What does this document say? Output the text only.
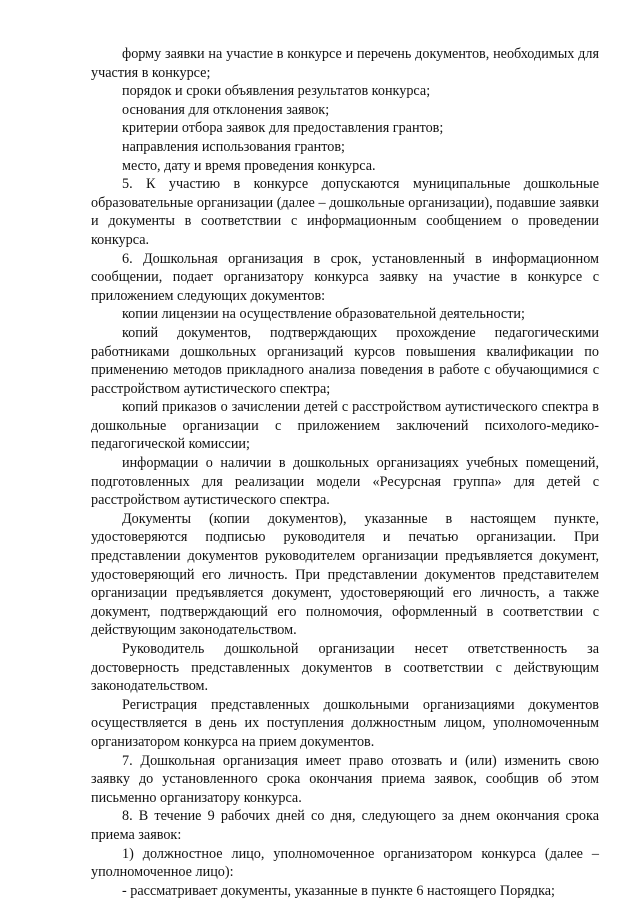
форму заявки на участие в конкурсе и перечень документов, необходимых для участия в конкурсе;

порядок и сроки объявления результатов конкурса;

основания для отклонения заявок;

критерии отбора заявок для предоставления грантов;

направления использования грантов;

место, дату и время проведения конкурса.

5. К участию в конкурсе допускаются муниципальные дошкольные образовательные организации (далее – дошкольные организации), подавшие заявки и документы в соответствии с информационным сообщением о проведении конкурса.

6. Дошкольная организация в срок, установленный в информационном сообщении, подает организатору конкурса заявку на участие в конкурсе с приложением следующих документов:

копии лицензии на осуществление образовательной деятельности;

копий документов, подтверждающих прохождение педагогическими работниками дошкольных организаций курсов повышения квалификации по применению методов прикладного анализа поведения в работе с обучающимися с расстройством аутистического спектра;

копий приказов о зачислении детей с расстройством аутистического спектра в дошкольные организации с приложением заключений психолого-медико-педагогической комиссии;

информации о наличии в дошкольных организациях учебных помещений, подготовленных для реализации модели «Ресурсная группа» для детей с расстройством аутистического спектра.

Документы (копии документов), указанные в настоящем пункте, удостоверяются подписью руководителя и печатью организации. При представлении документов руководителем организации предъявляется документ, удостоверяющий его личность. При представлении документов представителем организации предъявляется документ, удостоверяющий его личность, а также документ, подтверждающий его полномочия, оформленный в соответствии с действующим законодательством.

Руководитель дошкольной организации несет ответственность за достоверность представленных документов в соответствии с действующим законодательством.

Регистрация представленных дошкольными организациями документов осуществляется в день их поступления должностным лицом, уполномоченным организатором конкурса на прием документов.

7. Дошкольная организация имеет право отозвать и (или) изменить свою заявку до установленного срока окончания приема заявок, сообщив об этом письменно организатору конкурса.

8. В течение 9 рабочих дней со дня, следующего за днем окончания срока приема заявок:

1) должностное лицо, уполномоченное организатором конкурса (далее – уполномоченное лицо):

- рассматривает документы, указанные в пункте 6 настоящего Порядка;
